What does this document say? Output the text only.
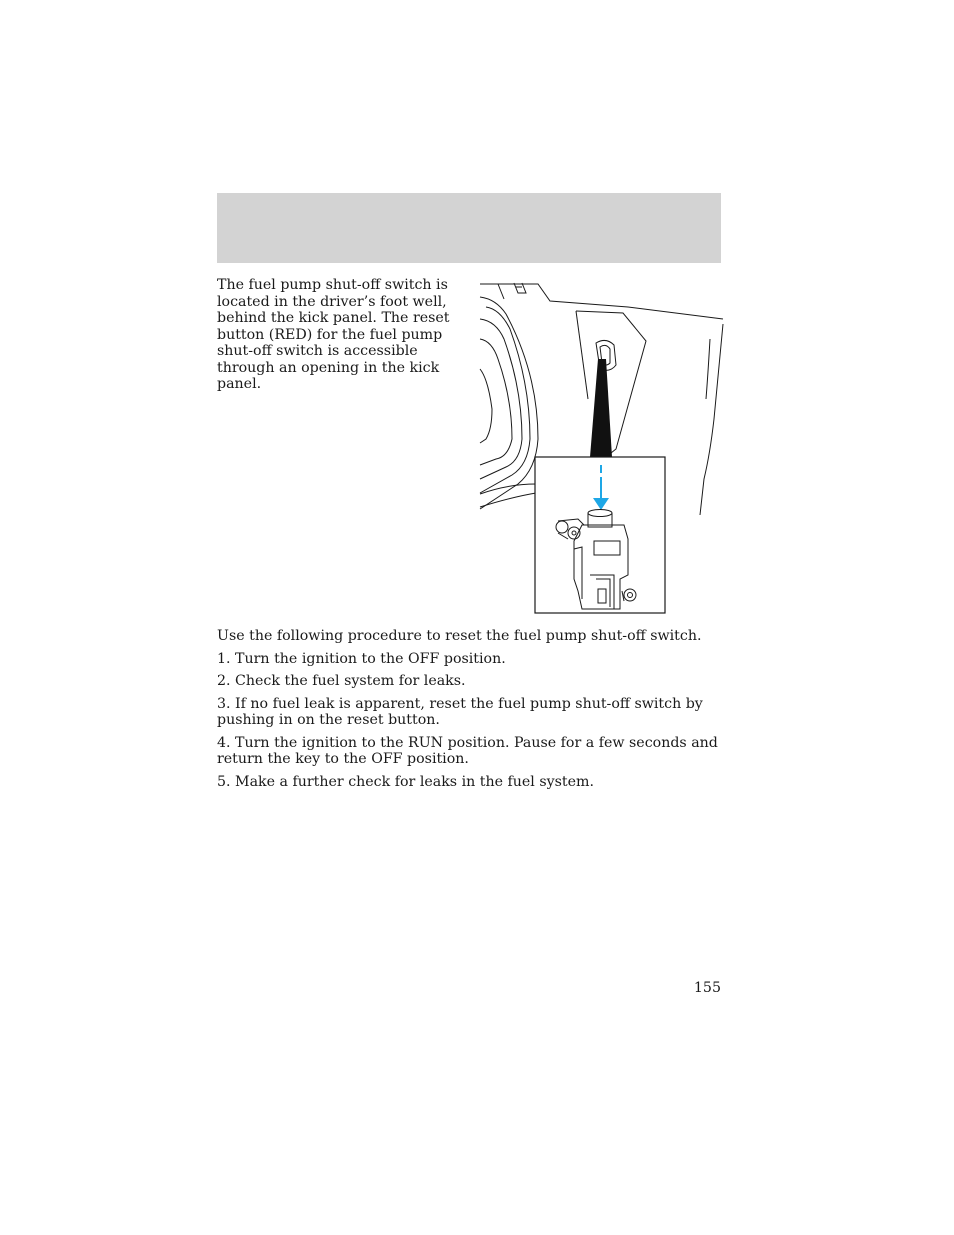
The fuel pump shut-off switch is located in the driver’s foot well, behind the kick panel. The reset button (RED) for the fuel pump shut-off switch is accessible through an opening in the kick panel.

Use the following procedure to reset the fuel pump shut-off switch.

1. Turn the ignition to the OFF position.

2. Check the fuel system for leaks.

3. If no fuel leak is apparent, reset the fuel pump shut-off switch by pushing in on the reset button.

4. Turn the ignition to the RUN position. Pause for a few seconds and return the key to the OFF position.

5. Make a further check for leaks in the fuel system.

155
